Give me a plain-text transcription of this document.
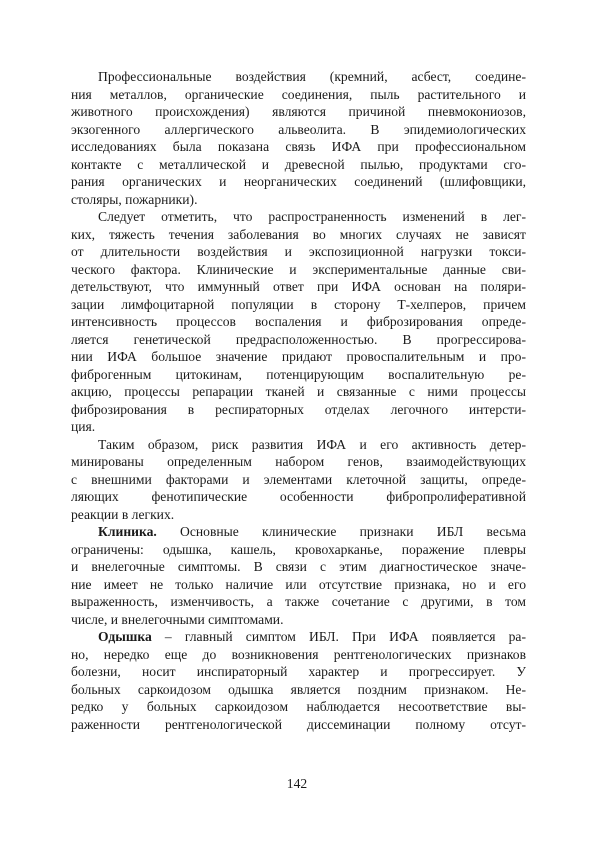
Профессиональные воздействия (кремний, асбест, соедине-
ния металлов, органические соединения, пыль растительного и
животного происхождения) являются причиной пневмокониозов,
экзогенного аллергического альвеолита. В эпидемиологических
исследованиях была показана связь ИФА при профессиональном
контакте с металлической и древесной пылью, продуктами сго-
рания органических и неорганических соединений (шлифовщики,
столяры, пожарники).
Следует отметить, что распространенность изменений в лег-
ких, тяжесть течения заболевания во многих случаях не зависят
от длительности воздействия и экспозиционной нагрузки токси-
ческого фактора. Клинические и экспериментальные данные сви-
детельствуют, что иммунный ответ при ИФА основан на поляри-
зации лимфоцитарной популяции в сторону Т-хелперов, причем
интенсивность процессов воспаления и фиброзирования опреде-
ляется генетической предрасположенностью. В прогрессирова-
нии ИФА большое значение придают провоспалительным и про-
фиброгенным цитокинам, потенцирующим воспалительную ре-
акцию, процессы репарации тканей и связанные с ними процессы
фиброзирования в респираторных отделах легочного интерсти-
ция.
Таким образом, риск развития ИФА и его активность детер-
минированы определенным набором генов, взаимодействующих
с внешними факторами и элементами клеточной защиты, опреде-
ляющих фенотипические особенности фибропролиферативной
реакции в легких.
Клиника. Основные клинические признаки ИБЛ весьма
ограничены: одышка, кашель, кровохарканье, поражение плевры
и внелегочные симптомы. В связи с этим диагностическое значе-
ние имеет не только наличие или отсутствие признака, но и его
выраженность, изменчивость, а также сочетание с другими, в том
числе, и внелегочными симптомами.
Одышка – главный симптом ИБЛ. При ИФА появляется ра-
но, нередко еще до возникновения рентгенологических признаков
болезни, носит инспираторный характер и прогрессирует. У
больных саркоидозом одышка является поздним признаком. Не-
редко у больных саркоидозом наблюдается несоответствие вы-
раженности рентгенологической диссеминации полному отсут-
142
